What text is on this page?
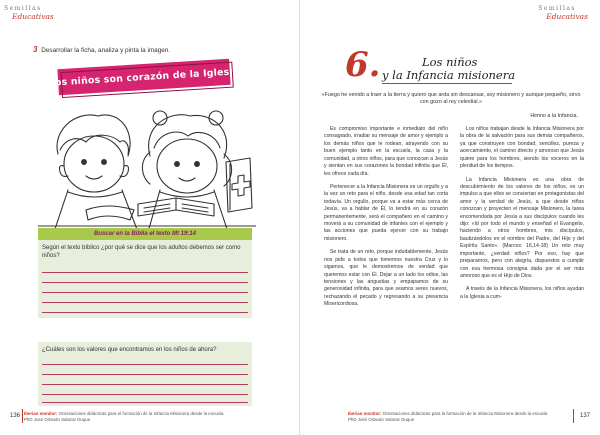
Semillas
Educativas
3 Desarrollar la ficha, analiza y pinta la imagen.
Los niños son corazón de la Iglesia
Buscar en la Biblia el texto Mt 19:14

Según el texto bíblico ¿por qué se dice que los adultos debemos ser como niños?

¿Cuáles son los valores que encontramos en los niños de ahora?

136 Iberian monitor: Orientaciones didácticas para el formación de la Infancia Misionera desde la escuela
PhD José Orlando Salazar Duque
Semillas
Educativas
6.	Los niños
y la Infancia misionera
«Fuego he venido a traer a la tierra y quiero que arda sin descansar, soy misionero y aunque pequeño, sirvo con gozo al rey celestial.»
Himno a la Infancia.

Es compromiso importante e inmediato del niño consagrado, irradiar su mensaje de amor y ejemplo a los demás niños que le rodean, atrayendo con su buen ejemplo tanto en la escuela, la casa y la comunidad, a otros niños, para que conozcan a Jesús y sientan en sus corazones la bondad infinita que Él, les ofrece cada día.

Pertenecer a la Infancia Misionera es un orgullo y a la vez un reto para el niño, desde esa edad tan corta todavía. Un orgullo, porque va a estar más cerca de Jesús, va a hablar de Él, lo tendrá en su corazón permanentemente, será el compañero en el camino y moverá a su comunidad de infantes con el ejemplo y las acciones que pueda ejercer con su trabajo misionero.

Se trata de un reto, porque indudablemente, Jesús nos pide a todos que tomemos nuestra Cruz y lo sigamos, que le demostremos de verdad que queremos estar con Él. Dejar a un lado los odios, las tensiones y las angustias y empapamos de su generosidad infinita, para que seamos seres nuevos, rechazando el pecado y regresando a su presencia Misericordiosa.

Los niños trabajan desde la Infancia Misionera por la obra de la salvación para sus demás compañeros, ya que construyen con bondad, sencillez, pureza y acercamiento, el camino directo y amoroso que Jesús quiere para los hombres, siendo los voceros en la plenitud de los tiempos.

La Infancia Misionera es una obra de descubrimiento de los valores de los niños, es un impulso a que ellos se conviertan en protagonistas del amor y la verdad de Jesús, a que desde niños conozcan y proyecten el mensaje Misionero, la tarea encomendada por Jesús a sus discípulos cuando les dijo: «Id por todo el mundo y enseñad el Evangelio, haciendo a otros hombres, mis discípulos, bautizándolos en el nombre del Padre, del Hijo y del Espíritu Santo». (Marcos: 16,14-18) Un reto muy importante, ¿verdad niños? Por eso, hay que prepararnos, pero con alegría, dispuestos a cumplir con esa hermosa consigna dada por el ser más amoroso que es el Hijo de Dios.

A través de la Infancia Misionera, los niños ayudan a la Iglesia a cum-

137
Iberian monitor: Orientaciones didácticas para la formación de la Infancia Misionera desde la escuela
PhD José Orlando Salazar Duque
